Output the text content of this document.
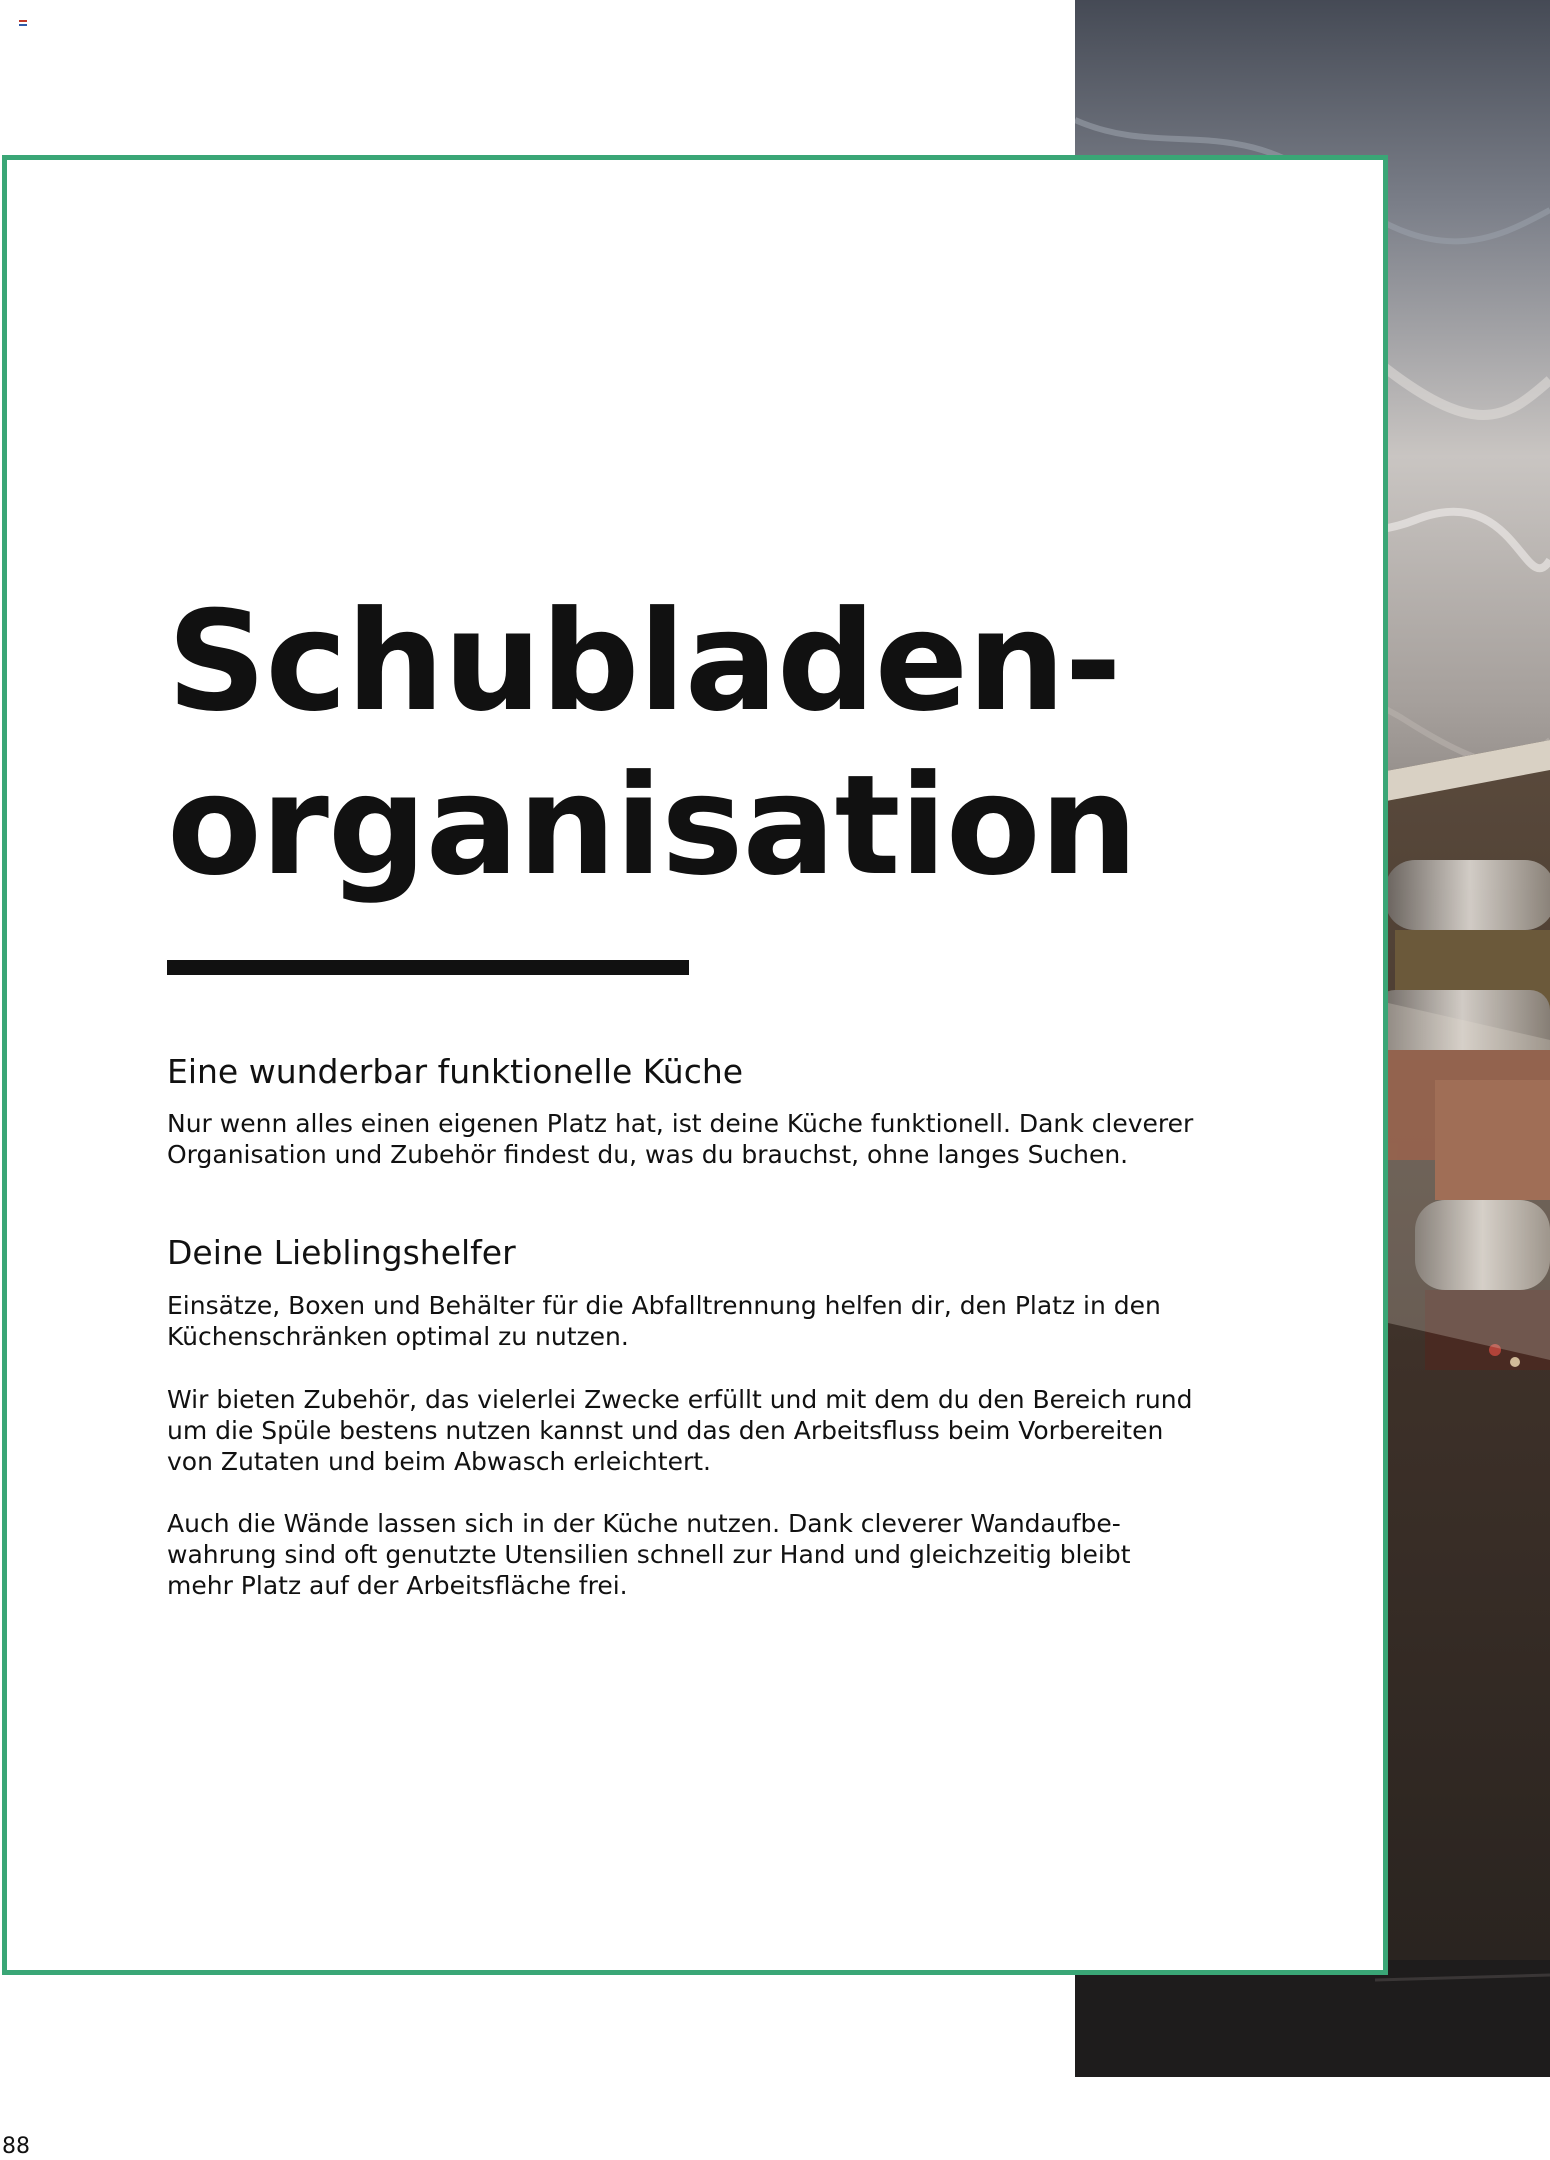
Schubladen-
organisation
Eine wunderbar funktionelle Küche

Nur wenn alles einen eigenen Platz hat, ist deine Küche funktionell. Dank cleverer
Organisation und Zubehör findest du, was du brauchst, ohne langes Suchen.

Deine Lieblingshelfer

Einsätze, Boxen und Behälter für die Abfalltrennung helfen dir, den Platz in den
Küchenschränken optimal zu nutzen.

Wir bieten Zubehör, das vielerlei Zwecke erfüllt und mit dem du den Bereich rund
um die Spüle bestens nutzen kannst und das den Arbeitsfluss beim Vorbereiten
von Zutaten und beim Abwasch erleichtert.

Auch die Wände lassen sich in der Küche nutzen. Dank cleverer Wandaufbe-
wahrung sind oft genutzte Utensilien schnell zur Hand und gleichzeitig bleibt
mehr Platz auf der Arbeitsfläche frei.

88
